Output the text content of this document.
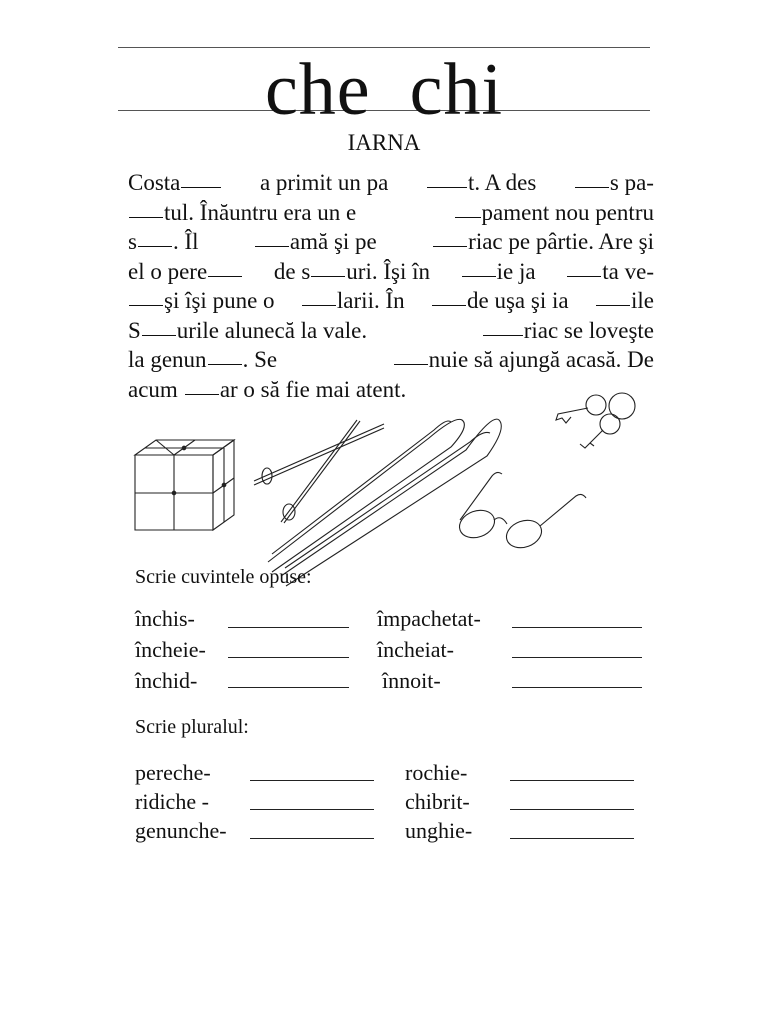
che  chi
IARNA
Costa	a primit un pa	t. A des	s pa-
tul. Înăuntru era un e	pament nou pentru
s . Îl	amă şi pe	riac pe pârtie. Are şi
el o pere	de s uri. Îşi în	ie ja	ta ve-
şi îşi pune o	larii. În	de uşa şi ia	ile
S urile alunecă la vale.	riac se loveşte
la genun . Se	nuie să ajungă acasă. De
acum ar o să fie mai atent.
Scrie cuvintele opuse:
închis-	împachetat-
încheie-	încheiat-
închid-	înnoit-
Scrie pluralul:
pereche-	rochie-
ridiche -	chibrit-
genunche-	unghie-
